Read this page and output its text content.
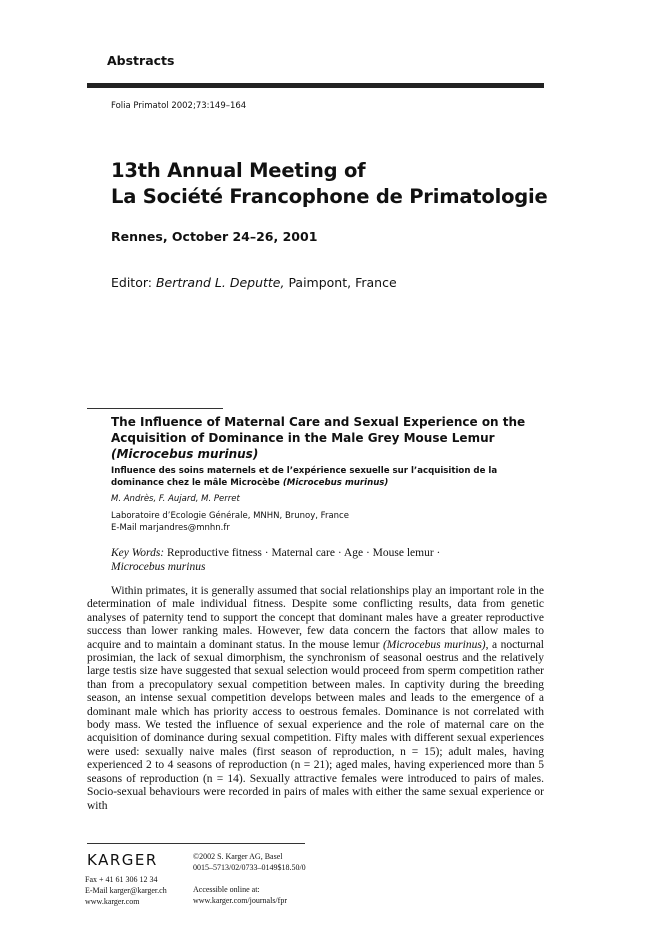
Abstracts
Folia Primatol 2002;73:149–164
13th Annual Meeting of
La Société Francophone de Primatologie
Rennes, October 24–26, 2001
Editor: Bertrand L. Deputte, Paimpont, France
The Influence of Maternal Care and Sexual Experience on the Acquisition of Dominance in the Male Grey Mouse Lemur
(Microcebus murinus)
Influence des soins maternels et de l’expérience sexuelle sur l’acquisition de la dominance chez le mâle Microcèbe (Microcebus murinus)
M. Andrès, F. Aujard, M. Perret
Laboratoire d’Ecologie Générale, MNHN, Brunoy, France
E-Mail marjandres@mnhn.fr
Key Words: Reproductive fitness · Maternal care · Age · Mouse lemur ·
Microcebus murinus

Within primates, it is generally assumed that social relationships play an important role in the determination of male individual fitness. Despite some conflicting results, data from genetic analyses of paternity tend to support the concept that dominant males have a greater reproductive success than lower ranking males. However, few data concern the factors that allow males to acquire and to maintain a dominant status. In the mouse lemur (Microcebus murinus), a nocturnal prosimian, the lack of sexual dimorphism, the synchronism of seasonal oestrus and the relatively large testis size have suggested that sexual selection would proceed from sperm competition rather than from a precopulatory sexual competition between males. In captivity during the breeding season, an intense sexual competition develops between males and leads to the emergence of a dominant male which has priority access to oestrous females. Dominance is not correlated with body mass. We tested the influence of sexual experience and the role of maternal care on the acquisition of dominance during sexual competition. Fifty males with different sexual experiences were used: sexually naive males (first season of reproduction, n = 15); adult males, having experienced 2 to 4 seasons of reproduction (n = 21); aged males, having experienced more than 5 seasons of reproduction (n = 14). Sexually attractive females were introduced to pairs of males. Socio-sexual behaviours were recorded in pairs of males with either the same sexual experience or with

KARGER
Fax + 41 61 306 12 34
E-Mail karger@karger.ch
www.karger.com
©2002 S. Karger AG, Basel
0015–5713/02/0733–0149$18.50/0
Accessible online at:
www.karger.com/journals/fpr
